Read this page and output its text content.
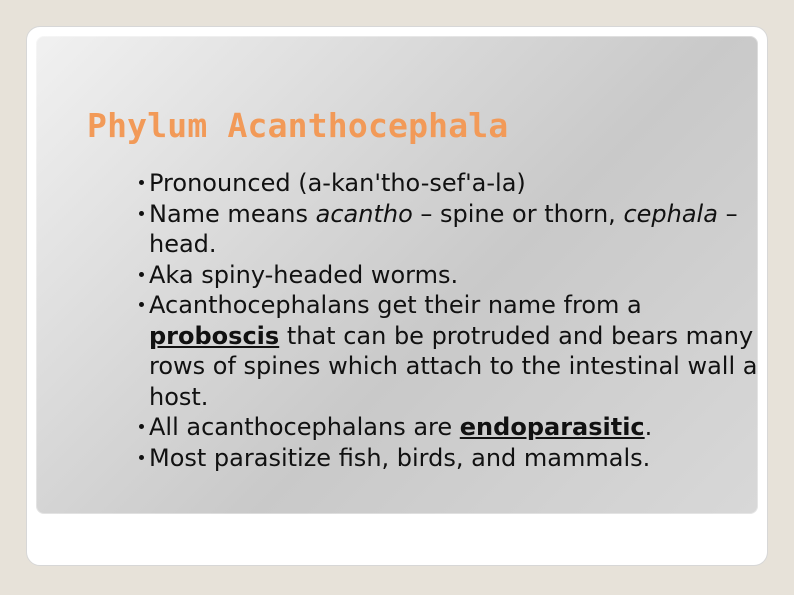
Phylum Acanthocephala
Pronounced (a-kan'tho-sef'a-la)
Name means acantho – spine or thorn, cephala – head.
Aka spiny-headed worms.
Acanthocephalans get their name from a proboscis that can be protruded and bears many rows of spines which attach to the intestinal wall a host.
All acanthocephalans are endoparasitic.
Most parasitize fish, birds, and mammals.
